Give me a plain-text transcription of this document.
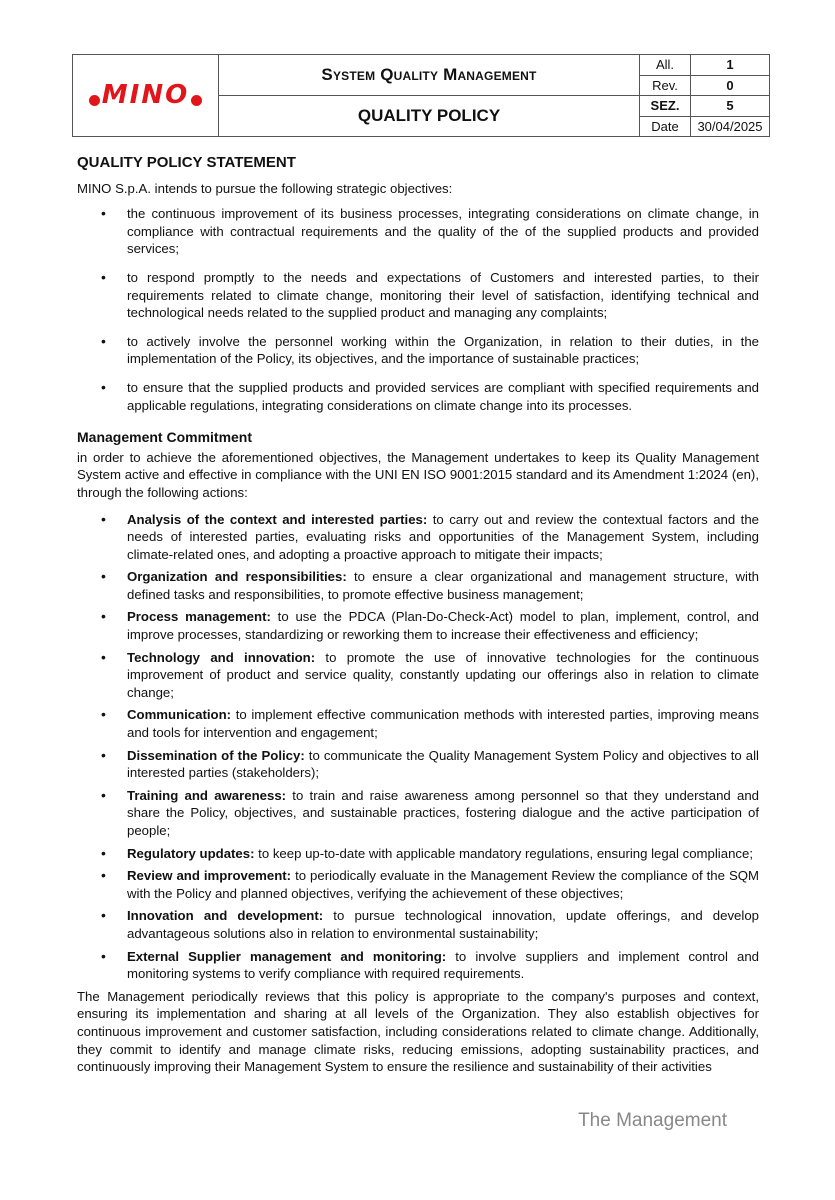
MINO	System Quality Management	All.	1
		Rev.	0
	QUALITY POLICY	SEZ.	5
		Date	30/04/2025
QUALITY POLICY STATEMENT

MINO S.p.A. intends to pursue the following strategic objectives:

• the continuous improvement of its business processes, integrating considerations on climate change, in compliance with contractual requirements and the quality of the of the supplied products and provided services;
• to respond promptly to the needs and expectations of Customers and interested parties, to their requirements related to climate change, monitoring their level of satisfaction, identifying technical and technological needs related to the supplied product and managing any complaints;
• to actively involve the personnel working within the Organization, in relation to their duties, in the implementation of the Policy, its objectives, and the importance of sustainable practices;
• to ensure that the supplied products and provided services are compliant with specified requirements and applicable regulations, integrating considerations on climate change into its processes.
Management Commitment

in order to achieve the aforementioned objectives, the Management undertakes to keep its Quality Management System active and effective in compliance with the UNI EN ISO 9001:2015 standard and its Amendment 1:2024 (en), through the following actions:

• Analysis of the context and interested parties: to carry out and review the contextual factors and the needs of interested parties, evaluating risks and opportunities of the Management System, including climate-related ones, and adopting a proactive approach to mitigate their impacts;
• Organization and responsibilities: to ensure a clear organizational and management structure, with defined tasks and responsibilities, to promote effective business management;
• Process management: to use the PDCA (Plan-Do-Check-Act) model to plan, implement, control, and improve processes, standardizing or reworking them to increase their effectiveness and efficiency;
• Technology and innovation: to promote the use of innovative technologies for the continuous improvement of product and service quality, constantly updating our offerings also in relation to climate change;
• Communication: to implement effective communication methods with interested parties, improving means and tools for intervention and engagement;
• Dissemination of the Policy: to communicate the Quality Management System Policy and objectives to all interested parties (stakeholders);
• Training and awareness: to train and raise awareness among personnel so that they understand and share the Policy, objectives, and sustainable practices, fostering dialogue and the active participation of people;
• Regulatory updates: to keep up-to-date with applicable mandatory regulations, ensuring legal compliance;
• Review and improvement: to periodically evaluate in the Management Review the compliance of the SQM with the Policy and planned objectives, verifying the achievement of these objectives;
• Innovation and development: to pursue technological innovation, update offerings, and develop advantageous solutions also in relation to environmental sustainability;
• External Supplier management and monitoring: to involve suppliers and implement control and monitoring systems to verify compliance with required requirements.

The Management periodically reviews that this policy is appropriate to the company's purposes and context, ensuring its implementation and sharing at all levels of the Organization. They also establish objectives for continuous improvement and customer satisfaction, including considerations related to climate change. Additionally, they commit to identify and manage climate risks, reducing emissions, adopting sustainability practices, and continuously improving their Management System to ensure the resilience and sustainability of their activities

The Management
